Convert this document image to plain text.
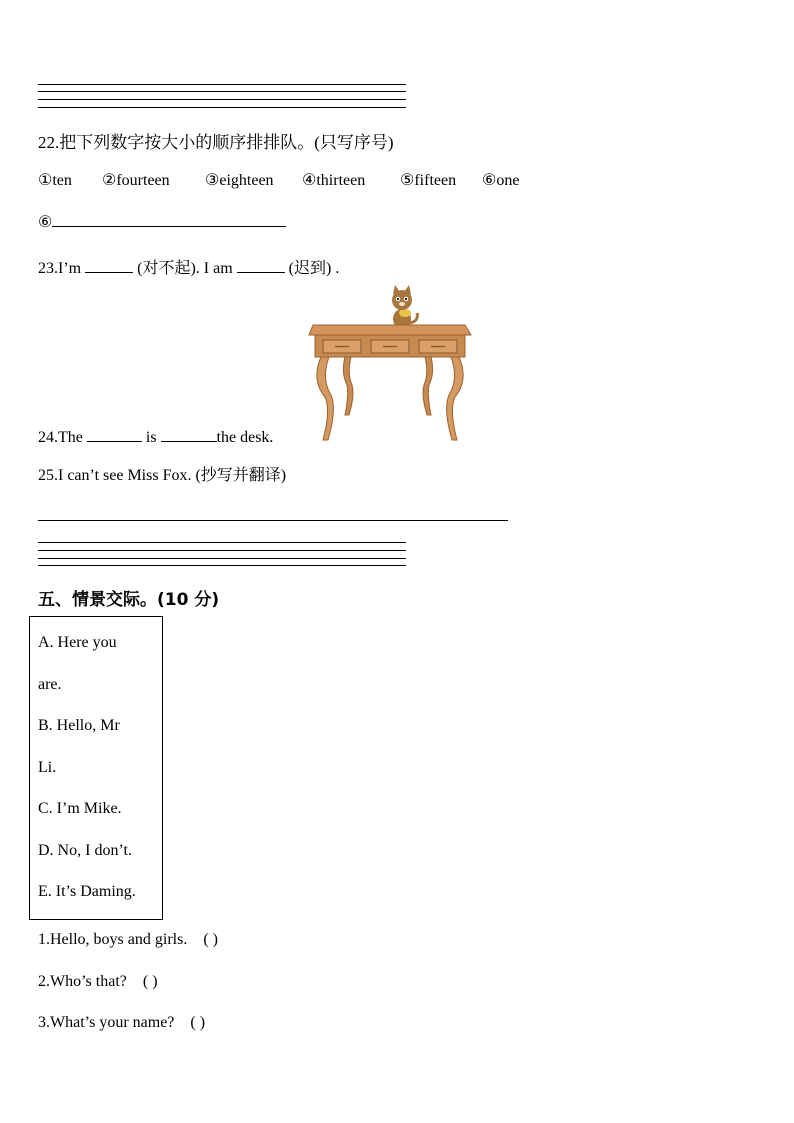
22.把下列数字按大小的顺序排排队。(只写序号)
①ten ②fourteen ③eighteen ④thirteen ⑤fifteen ⑥one
⑥
23.I’m	(对不起). I am	(迟到) .
24.The	is	the desk.
25.I can’t see Miss Fox. (抄写并翻译)
五、情景交际。(10 分)
A. Here you
are.
B. Hello, Mr
Li.
C. I’m Mike.
D. No, I don’t.
E. It’s Daming.
1.Hello, boys and girls. ( )
2.Who’s that? ( )
3.What’s your name? ( )
